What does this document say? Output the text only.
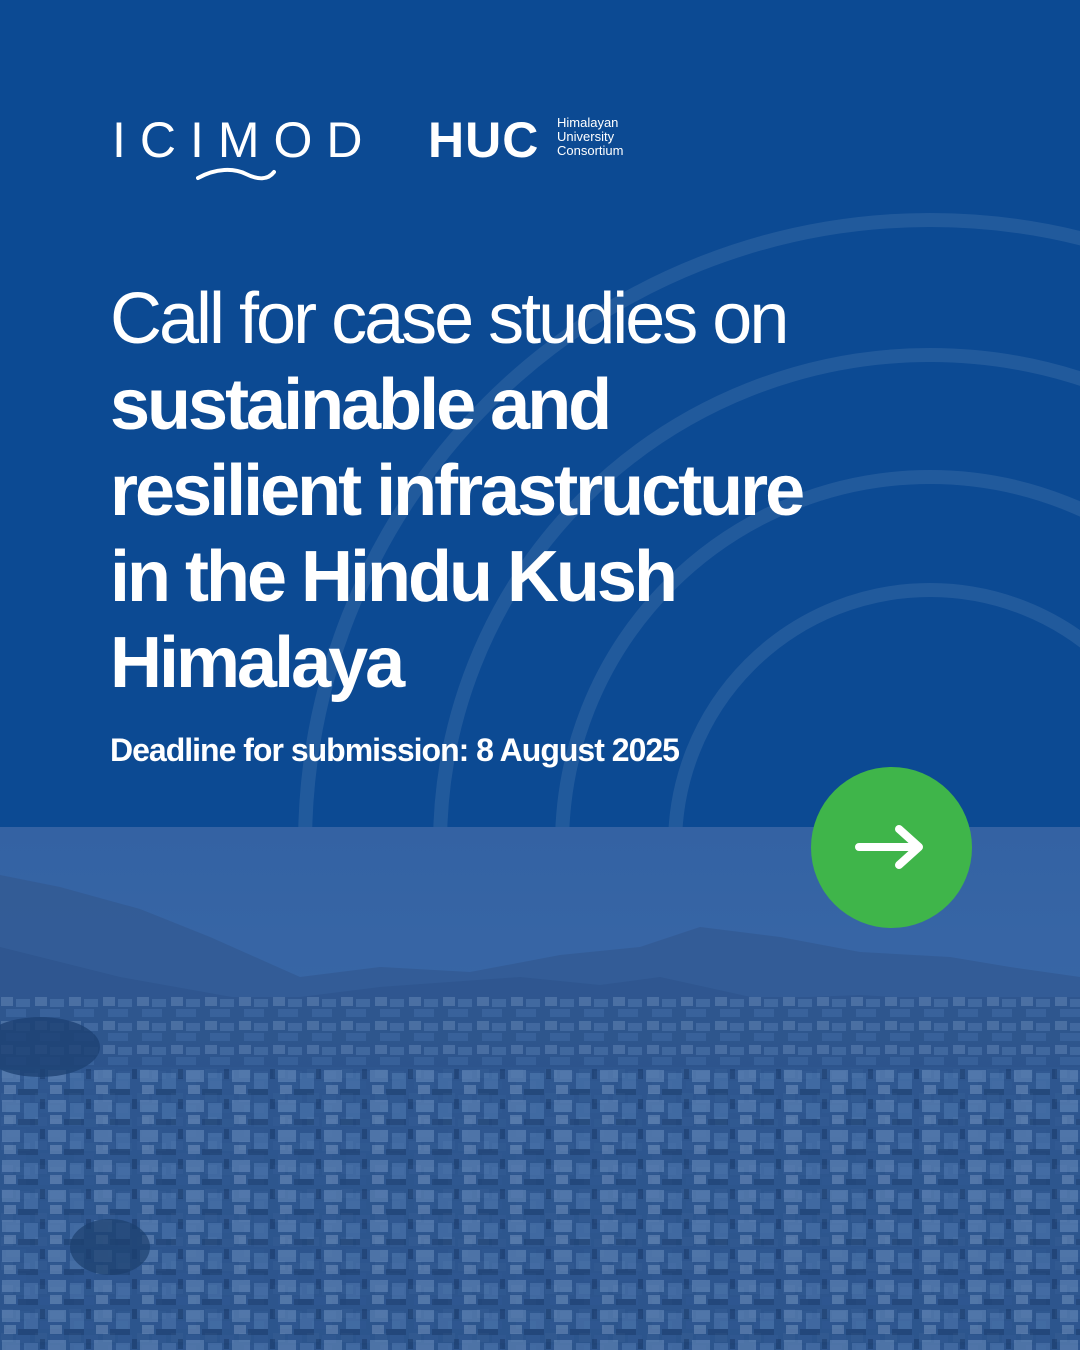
ICIMOD HUC Himalayan
University
Consortium

Call for case studies on

sustainable and
resilient infrastructure
in the Hindu Kush
Himalaya

Deadline for submission: 8 August 2025
